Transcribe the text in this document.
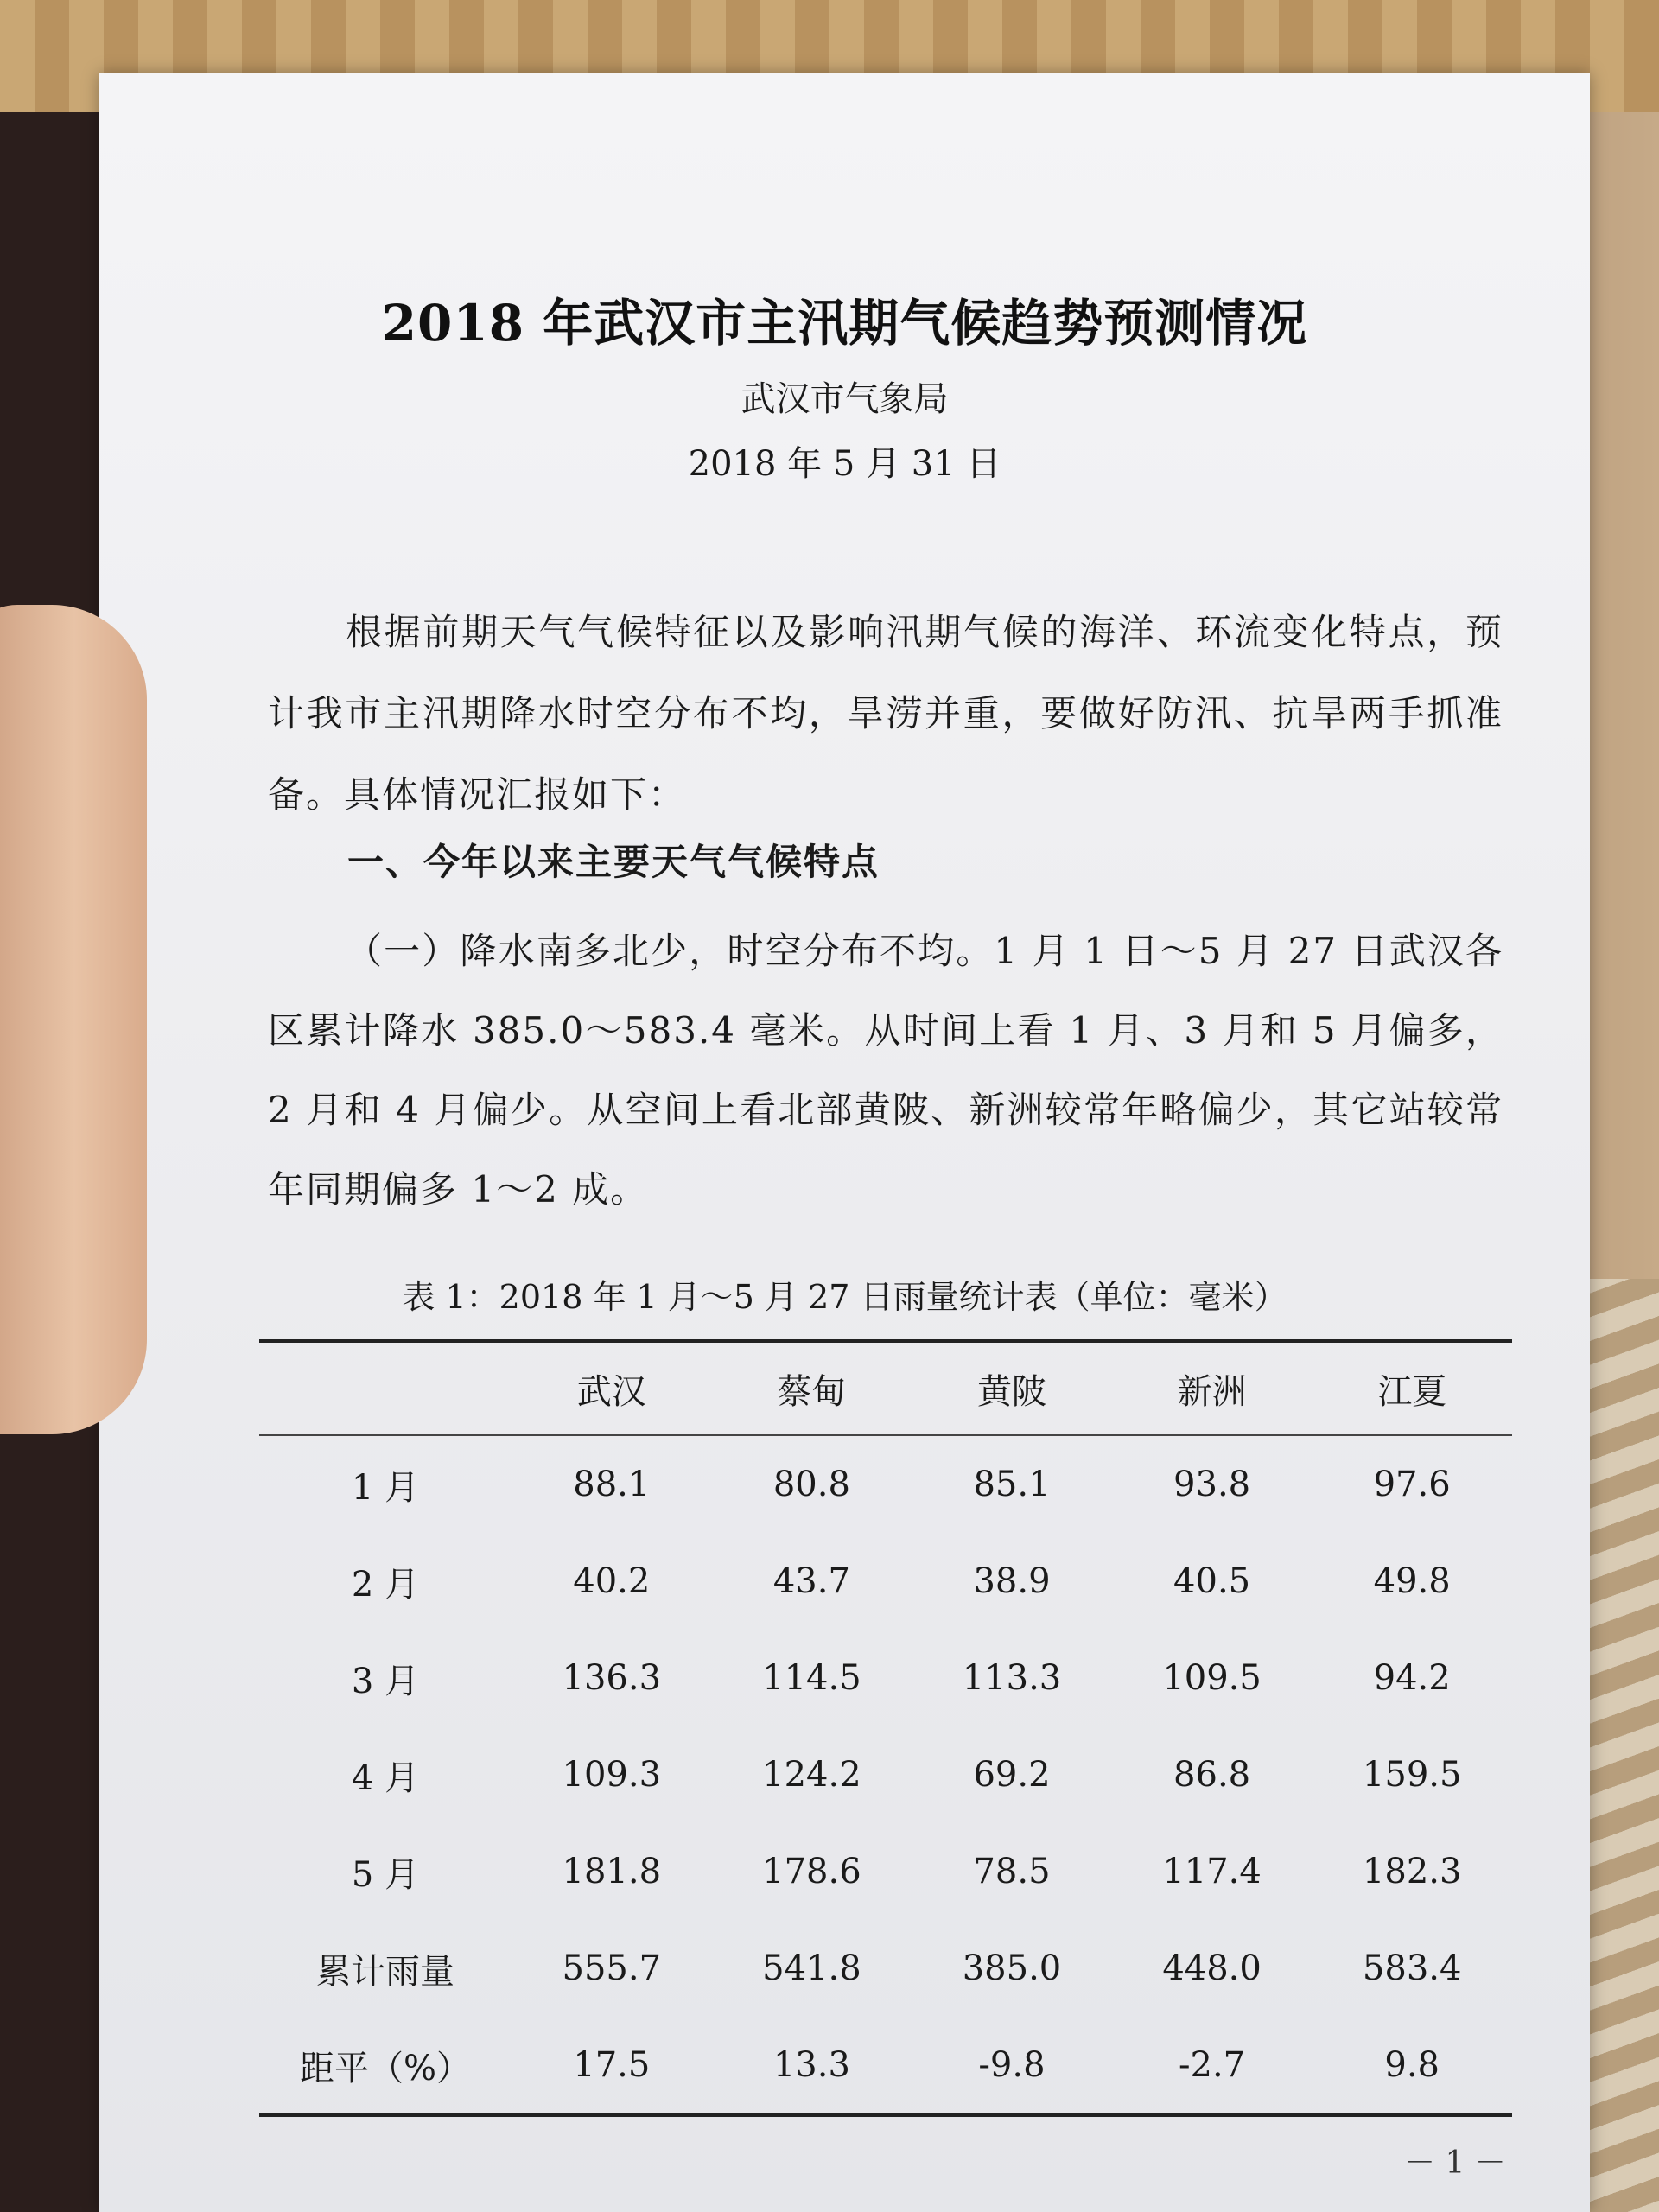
2018 年武汉市主汛期气候趋势预测情况
武汉市气象局
2018 年 5 月 31 日
根据前期天气气候特征以及影响汛期气候的海洋、环流变化特点，预计我市主汛期降水时空分布不均，旱涝并重，要做好防汛、抗旱两手抓准备。具体情况汇报如下：
一、今年以来主要天气气候特点
（一）降水南多北少，时空分布不均。1 月 1 日～5 月 27 日武汉各区累计降水 385.0～583.4 毫米。从时间上看 1 月、3 月和 5 月偏多，2 月和 4 月偏少。从空间上看北部黄陂、新洲较常年略偏少，其它站较常年同期偏多 1～2 成。
表 1：2018 年 1 月～5 月 27 日雨量统计表（单位：毫米）
	武汉	蔡甸	黄陂	新洲	江夏
1 月	88.1	80.8	85.1	93.8	97.6
2 月	40.2	43.7	38.9	40.5	49.8
3 月	136.3	114.5	113.3	109.5	94.2
4 月	109.3	124.2	69.2	86.8	159.5
5 月	181.8	178.6	78.5	117.4	182.3
累计雨量	555.7	541.8	385.0	448.0	583.4
距平（%）	17.5	13.3	-9.8	-2.7	9.8
－ 1 －
